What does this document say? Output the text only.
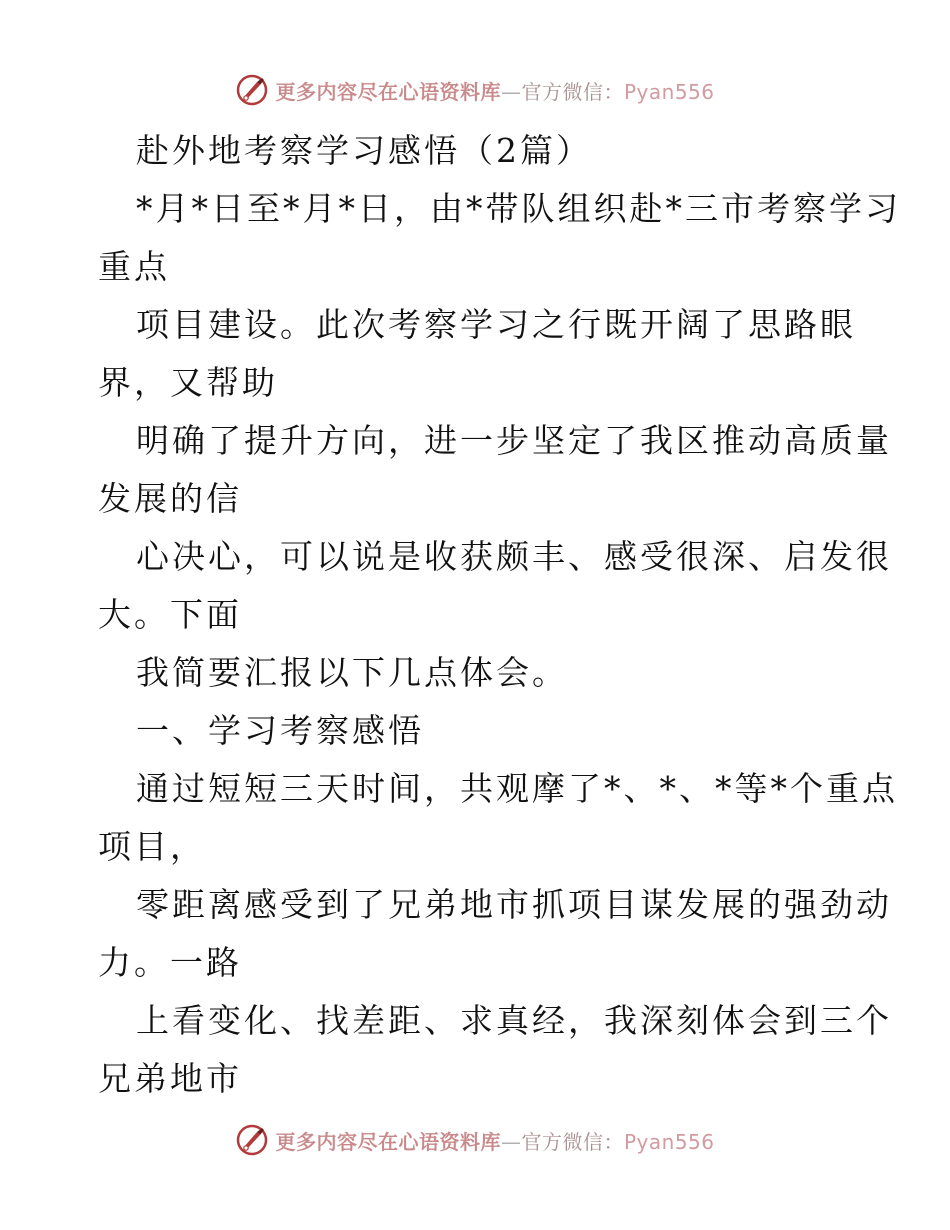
更多内容尽在心语资料库—官方微信：Pyan556
赴外地考察学习感悟（2篇）
*月*日至*月*日，由*带队组织赴*三市考察学习
重点
项目建设。此次考察学习之行既开阔了思路眼
界，又帮助
明确了提升方向，进一步坚定了我区推动高质量
发展的信
心决心，可以说是收获颇丰、感受很深、启发很
大。下面
我简要汇报以下几点体会。
一、学习考察感悟
通过短短三天时间，共观摩了*、*、*等*个重点
项目，
零距离感受到了兄弟地市抓项目谋发展的强劲动
力。一路
上看变化、找差距、求真经，我深刻体会到三个
兄弟地市
更多内容尽在心语资料库—官方微信：Pyan556
